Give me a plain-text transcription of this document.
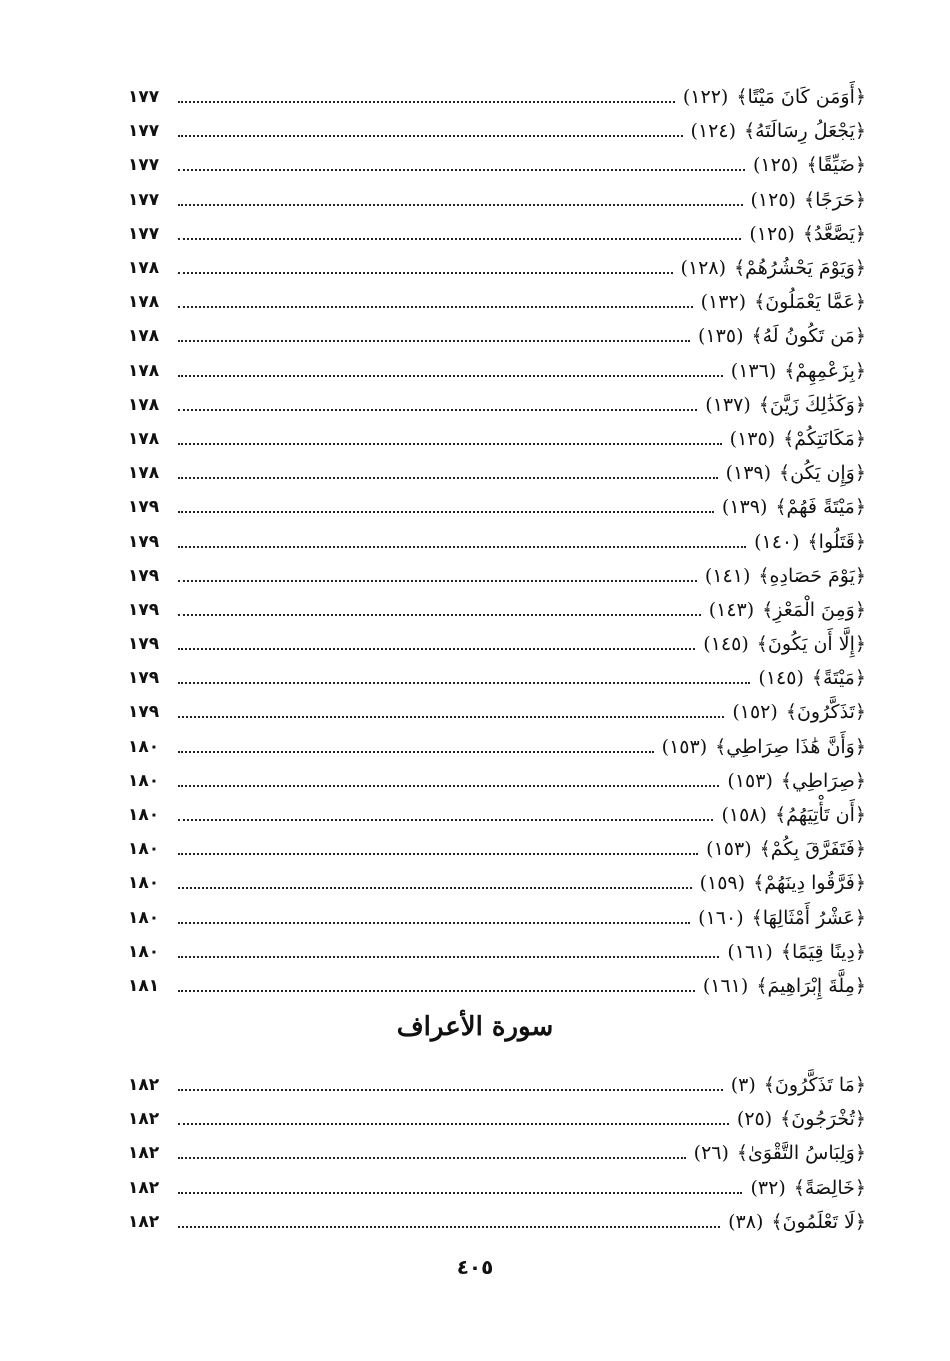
﴿أَوَمَن كَانَ مَيْتًا﴾
(١٢٢)
١٧٧
﴿يَجْعَلُ رِسَالَتَهُ﴾
(١٢٤)
١٧٧
﴿ضَيِّقًا﴾
(١٢٥)
١٧٧
﴿حَرَجًا﴾
(١٢٥)
١٧٧
﴿يَصَّعَّدُ﴾
(١٢٥)
١٧٧
﴿وَيَوْمَ يَحْشُرُهُمْ﴾
(١٢٨)
١٧٨
﴿عَمَّا يَعْمَلُونَ﴾
(١٣٢)
١٧٨
﴿مَن تَكُونُ لَهُ﴾
(١٣٥)
١٧٨
﴿بِزَعْمِهِمْ﴾
(١٣٦)
١٧٨
﴿وَكَذَٰلِكَ زَيَّنَ﴾
(١٣٧)
١٧٨
﴿مَكَانَتِكُمْ﴾
(١٣٥)
١٧٨
﴿وَإِن يَكُن﴾
(١٣٩)
١٧٨
﴿مَيْتَةً فَهُمْ﴾
(١٣٩)
١٧٩
﴿قَتَلُوا﴾
(١٤٠)
١٧٩
﴿يَوْمَ حَصَادِهِ﴾
(١٤١)
١٧٩
﴿وَمِنَ الْمَعْزِ﴾
(١٤٣)
١٧٩
﴿إِلَّا أَن يَكُونَ﴾
(١٤٥)
١٧٩
﴿مَيْتَةً﴾
(١٤٥)
١٧٩
﴿تَذَكَّرُونَ﴾
(١٥٢)
١٧٩
﴿وَأَنَّ هَٰذَا صِرَاطِي﴾
(١٥٣)
١٨٠
﴿صِرَاطِي﴾
(١٥٣)
١٨٠
﴿أَن تَأْتِيَهُمُ﴾
(١٥٨)
١٨٠
﴿فَتَفَرَّقَ بِكُمْ﴾
(١٥٣)
١٨٠
﴿فَرَّقُوا دِينَهُمْ﴾
(١٥٩)
١٨٠
﴿عَشْرُ أَمْثَالِهَا﴾
(١٦٠)
١٨٠
﴿دِينًا قِيَمًا﴾
(١٦١)
١٨٠
﴿مِلَّةَ إِبْرَاهِيمَ﴾
(١٦١)
١٨١
سورة الأعراف
﴿مَا تَذَكَّرُونَ﴾
(٣)
١٨٢
﴿تُخْرَجُونَ﴾
(٢٥)
١٨٢
﴿وَلِبَاسُ التَّقْوَىٰ﴾
(٢٦)
١٨٢
﴿خَالِصَةً﴾
(٣٢)
١٨٢
﴿لَا تَعْلَمُونَ﴾
(٣٨)
١٨٢
٤٠٥
